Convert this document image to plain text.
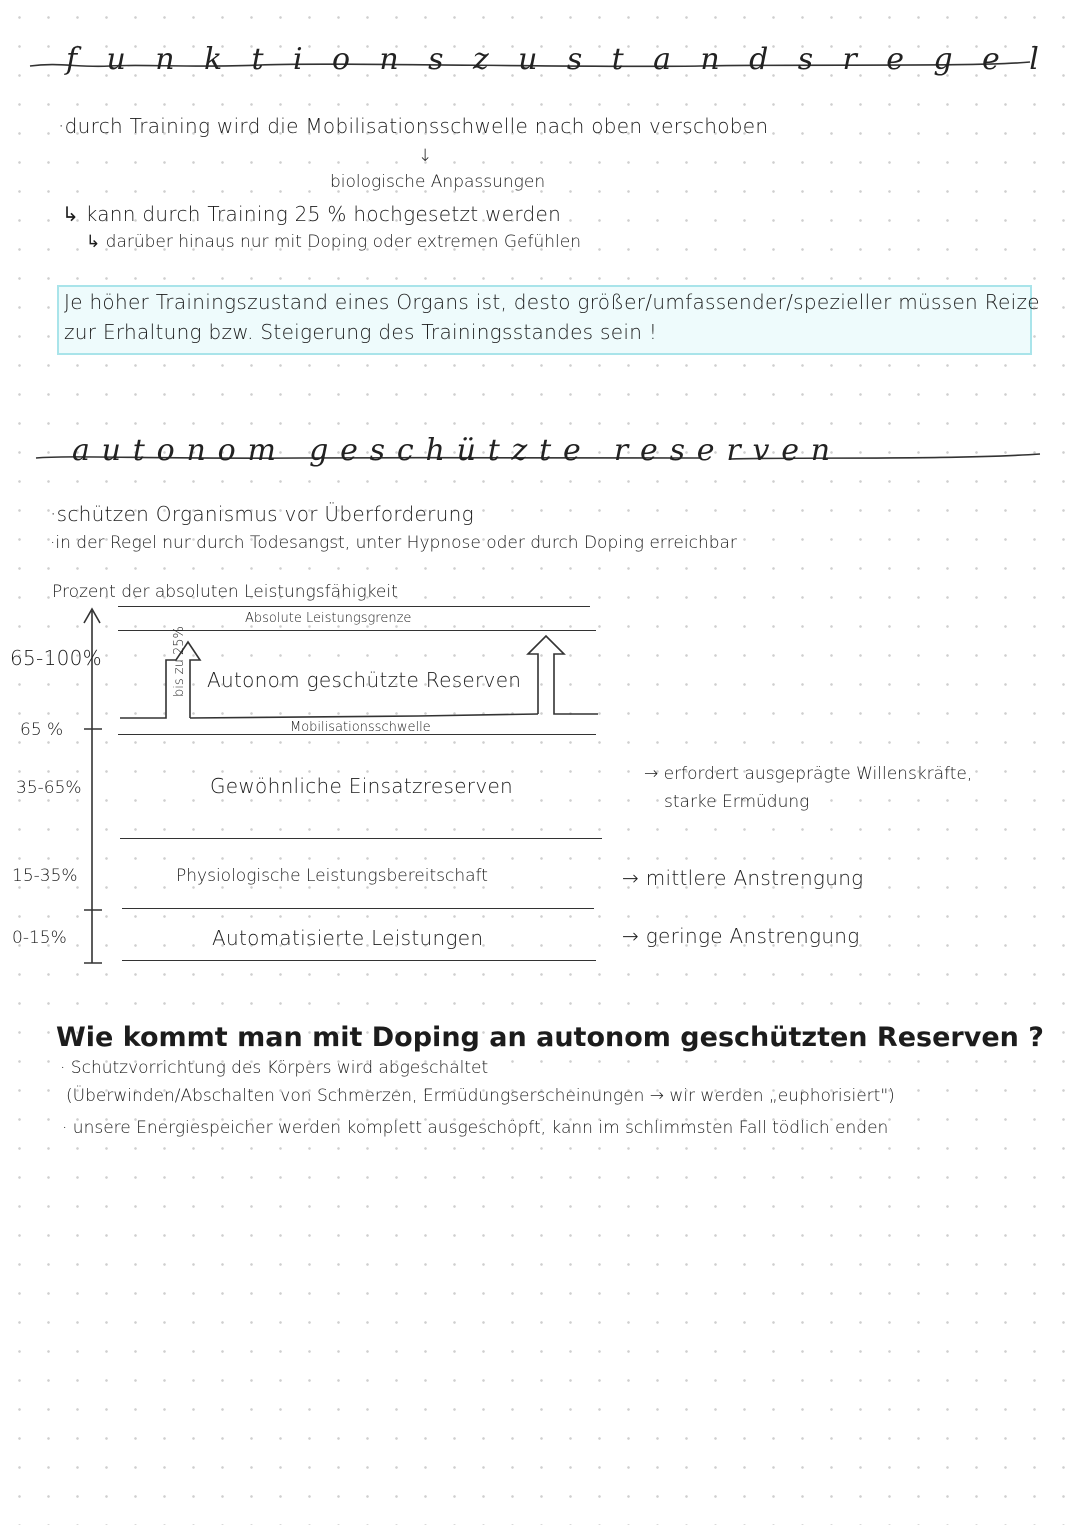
funktionszustandsregel
·durch Training wird die Mobilisationsschwelle nach oben verschoben
↓
biologische Anpassungen
↳ kann durch Training 25 % hochgesetzt werden
↳ darüber hinaus nur mit Doping oder extremen Gefühlen
Je höher Trainingszustand eines Organs ist, desto größer/umfassender/spezieller müssen Reize
zur Erhaltung bzw. Steigerung des Trainingsstandes sein !
autonom geschützte reserven
·schützen Organismus vor Überforderung
·in der Regel nur durch Todesangst, unter Hypnose oder durch Doping erreichbar
Prozent der absoluten Leistungsfähigkeit
Absolute Leistungsgrenze
bis zu 25% Autonom geschützte Reserven
Mobilisationsschwelle
65-100%
65 %
35-65%
15-35%
0-15%
Gewöhnliche Einsatzreserven
Physiologische Leistungsbereitschaft
Automatisierte Leistungen
→ erfordert ausgeprägte Willenskräfte,
starke Ermüdung
→ mittlere Anstrengung
→ geringe Anstrengung
Wie kommt man mit Doping an autonom geschützten Reserven ?
· Schutzvorrichtung des Körpers wird abgeschaltet
(Überwinden/Abschalten von Schmerzen, Ermüdungserscheinungen → wir werden „euphorisiert")
· unsere Energiespeicher werden komplett ausgeschöpft, kann im schlimmsten Fall tödlich enden
